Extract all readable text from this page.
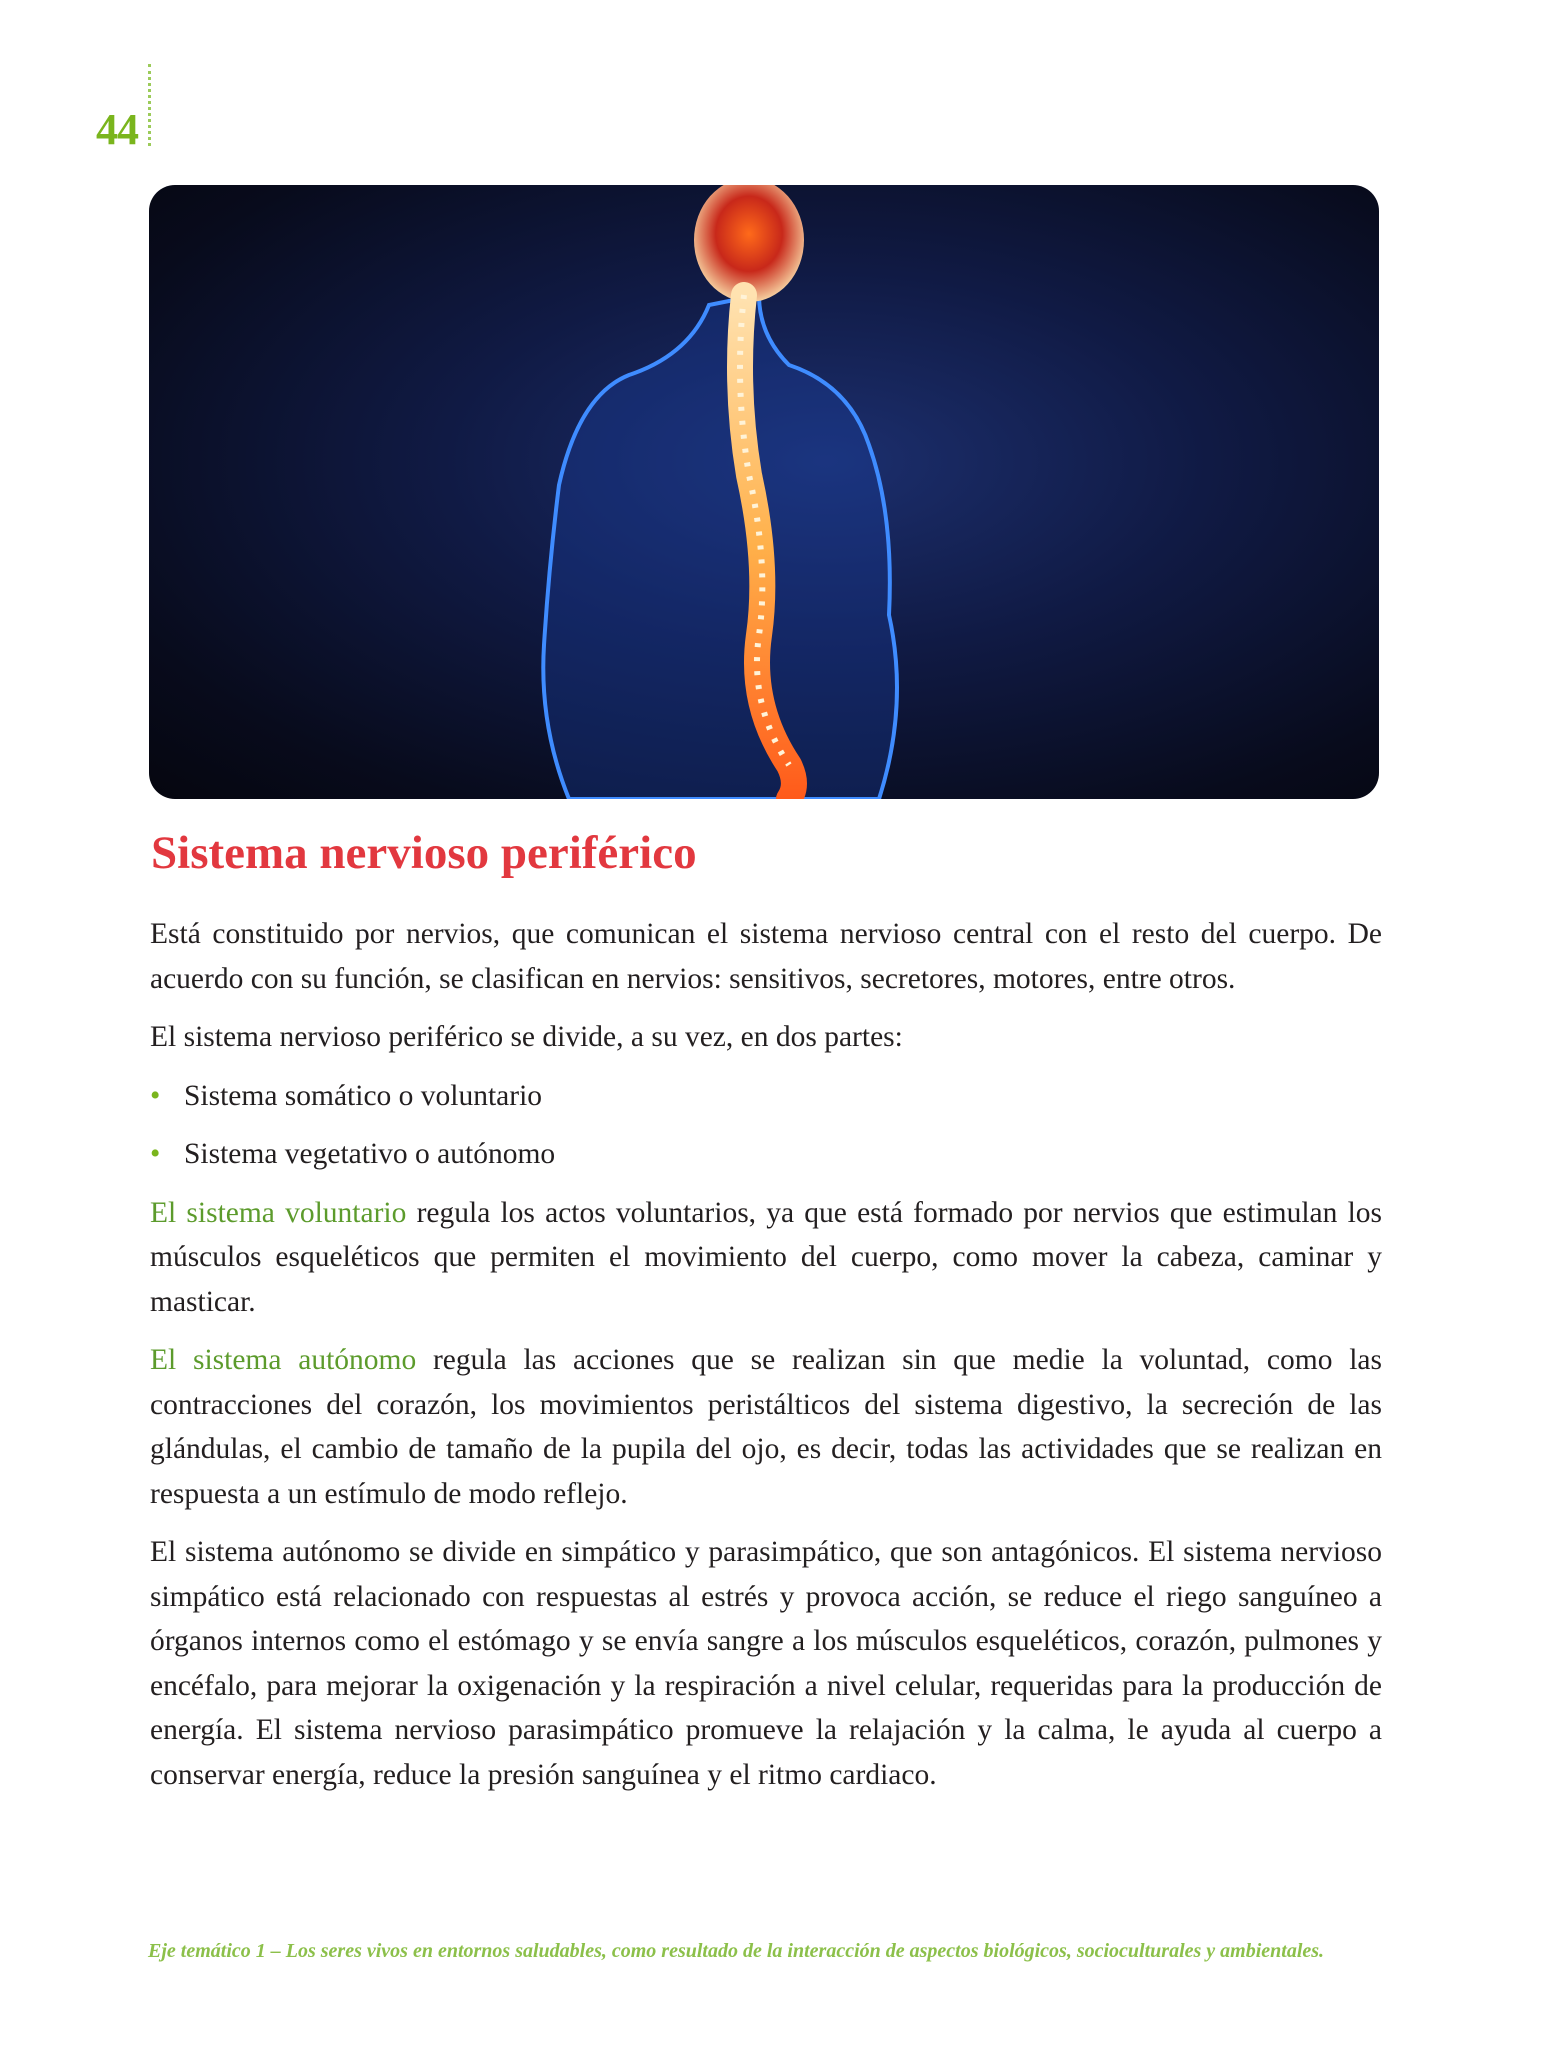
44
Sistema nervioso periférico

Está constituido por nervios, que comunican el sistema nervioso central con el resto del cuerpo. De acuerdo con su función, se clasifican en nervios: sensitivos, secretores, motores, entre otros.

El sistema nervioso periférico se divide, a su vez, en dos partes:

• Sistema somático o voluntario
• Sistema vegetativo o autónomo

El sistema voluntario regula los actos voluntarios, ya que está formado por nervios que estimulan los músculos esqueléticos que permiten el movimiento del cuerpo, como mover la cabeza, caminar y masticar.

El sistema autónomo regula las acciones que se realizan sin que medie la voluntad, como las contracciones del corazón, los movimientos peristálticos del sistema digestivo, la secreción de las glándulas, el cambio de tamaño de la pupila del ojo, es decir, todas las actividades que se realizan en respuesta a un estímulo de modo reflejo.

El sistema autónomo se divide en simpático y parasimpático, que son antagónicos. El sistema nervioso simpático está relacionado con respuestas al estrés y provoca acción, se reduce el riego sanguíneo a órganos internos como el estómago y se envía sangre a los músculos esqueléticos, corazón, pulmones y encéfalo, para mejorar la oxigenación y la respiración a nivel celular, requeridas para la producción de energía. El sistema nervioso parasimpático promueve la relajación y la calma, le ayuda al cuerpo a conservar energía, reduce la presión sanguínea y el ritmo cardiaco.

Eje temático 1 – Los seres vivos en entornos saludables, como resultado de la interacción de aspectos biológicos, socioculturales y ambientales.
